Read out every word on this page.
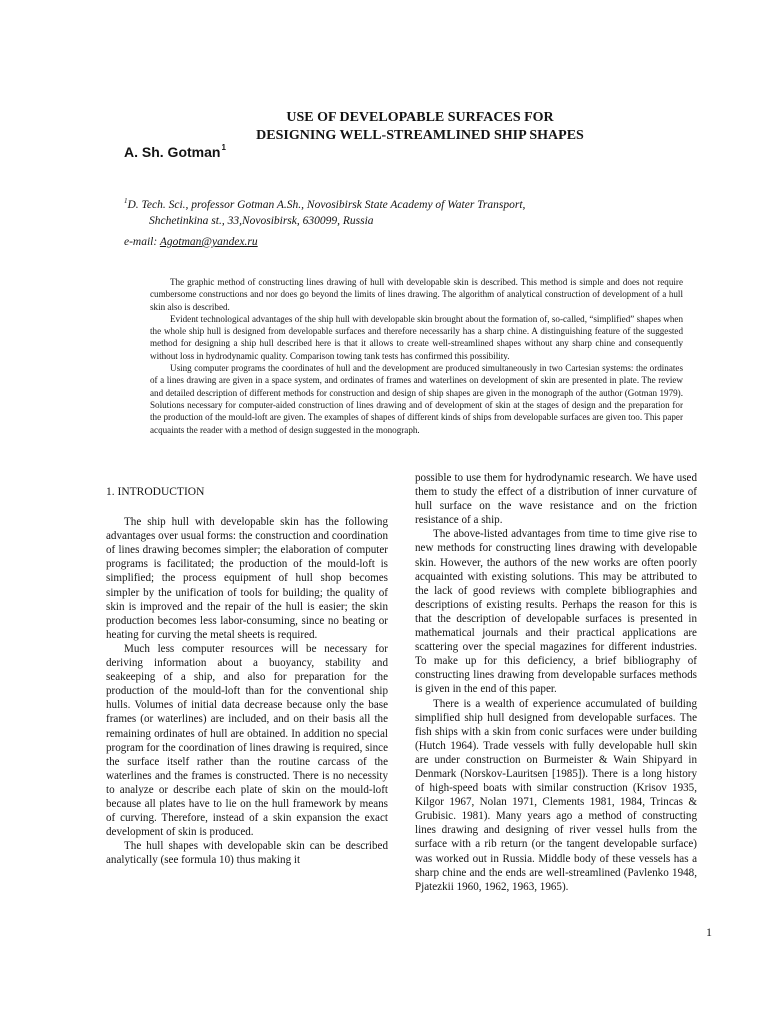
USE OF DEVELOPABLE SURFACES FOR
DESIGNING WELL-STREAMLINED SHIP SHAPES
A. Sh. Gotman$^1$
$^1$D. Tech. Sci., professor Gotman A.Sh., Novosibirsk State Academy of Water Transport,
Shchetinkina st., 33,Novosibirsk, 630099, Russia
e-mail: Agotman@yandex.ru

The graphic method of constructing lines drawing of hull with developable skin is described. This method is simple and does not require cumbersome constructions and nor does go beyond the limits of lines drawing. The algorithm of analytical construction of development of a hull skin also is described.

Evident technological advantages of the ship hull with developable skin brought about the formation of, so-called, “simplified” shapes when the whole ship hull is designed from developable surfaces and therefore necessarily has a sharp chine. A distinguishing feature of the suggested method for designing a ship hull described here is that it allows to create well-streamlined shapes without any sharp chine and consequently without loss in hydrodynamic quality. Comparison towing tank tests has confirmed this possibility.

Using computer programs the coordinates of hull and the development are produced simultaneously in two Cartesian systems: the ordinates of a lines drawing are given in a space system, and ordinates of frames and waterlines on development of skin are presented in plate. The review and detailed description of different methods for construction and design of ship shapes are given in the monograph of the author (Gotman 1979). Solutions necessary for computer-aided construction of lines drawing and of development of skin at the stages of design and the preparation for the production of the mould-loft are given. The examples of shapes of different kinds of ships from developable surfaces are given too. This paper acquaints the reader with a method of design suggested in the monograph.

1. INTRODUCTION

The ship hull with developable skin has the following advantages over usual forms: the construction and coordination of lines drawing becomes simpler; the elaboration of computer programs is facilitated; the production of the mould-loft is simplified; the process equipment of hull shop becomes simpler by the unification of tools for building; the quality of skin is improved and the repair of the hull is easier; the skin production becomes less labor-consuming, since no beating or heating for curving the metal sheets is required.

Much less computer resources will be necessary for deriving information about a buoyancy, stability and seakeeping of a ship, and also for preparation for the production of the mould-loft than for the conventional ship hulls. Volumes of initial data decrease because only the base frames (or waterlines) are included, and on their basis all the remaining ordinates of hull are obtained. In addition no special program for the coordination of lines drawing is required, since the surface itself rather than the routine carcass of the waterlines and the frames is constructed. There is no necessity to analyze or describe each plate of skin on the mould-loft because all plates have to lie on the hull framework by means of curving. Therefore, instead of a skin expansion the exact development of skin is produced.

The hull shapes with developable skin can be described analytically (see formula 10) thus making it

possible to use them for hydrodynamic research. We have used them to study the effect of a distribution of inner curvature of hull surface on the wave resistance and on the friction resistance of a ship.

The above-listed advantages from time to time give rise to new methods for constructing lines drawing with developable skin. However, the authors of the new works are often poorly acquainted with existing solutions. This may be attributed to the lack of good reviews with complete bibliographies and descriptions of existing results. Perhaps the reason for this is that the description of developable surfaces is presented in mathematical journals and their practical applications are scattering over the special magazines for different industries. To make up for this deficiency, a brief bibliography of constructing lines drawing from developable surfaces methods is given in the end of this paper.

There is a wealth of experience accumulated of building simplified ship hull designed from developable surfaces. The fish ships with a skin from conic surfaces were under building (Hutch 1964). Trade vessels with fully developable hull skin are under construction on Burmeister & Wain Shipyard in Denmark (Norskov-Lauritsen [1985]). There is a long history of high-speed boats with similar construction (Krisov 1935, Kilgor 1967, Nolan 1971, Clements 1981, 1984, Trincas & Grubisic. 1981). Many years ago a method of constructing lines drawing and designing of river vessel hulls from the surface with a rib return (or the tangent developable surface) was worked out in Russia. Middle body of these vessels has a sharp chine and the ends are well-streamlined (Pavlenko 1948, Pjatezkii 1960, 1962, 1963, 1965).

1
